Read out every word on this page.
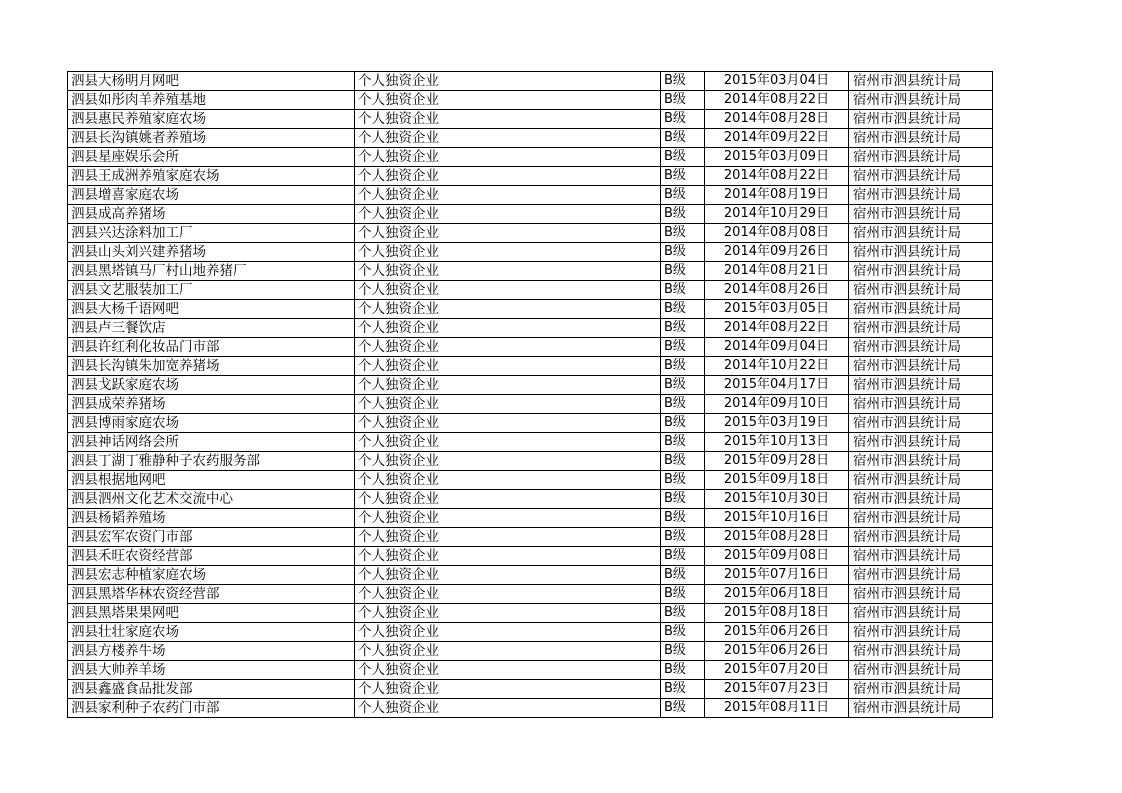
泗县大杨明月网吧	个人独资企业	B级	2015年03月04日	宿州市泗县统计局
泗县如彤肉羊养殖基地	个人独资企业	B级	2014年08月22日	宿州市泗县统计局
泗县惠民养殖家庭农场	个人独资企业	B级	2014年08月28日	宿州市泗县统计局
泗县长沟镇姚者养殖场	个人独资企业	B级	2014年09月22日	宿州市泗县统计局
泗县星座娱乐会所	个人独资企业	B级	2015年03月09日	宿州市泗县统计局
泗县王成洲养殖家庭农场	个人独资企业	B级	2014年08月22日	宿州市泗县统计局
泗县增喜家庭农场	个人独资企业	B级	2014年08月19日	宿州市泗县统计局
泗县成高养猪场	个人独资企业	B级	2014年10月29日	宿州市泗县统计局
泗县兴达涂料加工厂	个人独资企业	B级	2014年08月08日	宿州市泗县统计局
泗县山头刘兴建养猪场	个人独资企业	B级	2014年09月26日	宿州市泗县统计局
泗县黑塔镇马厂村山地养猪厂	个人独资企业	B级	2014年08月21日	宿州市泗县统计局
泗县文艺服装加工厂	个人独资企业	B级	2014年08月26日	宿州市泗县统计局
泗县大杨千语网吧	个人独资企业	B级	2015年03月05日	宿州市泗县统计局
泗县卢三餐饮店	个人独资企业	B级	2014年08月22日	宿州市泗县统计局
泗县许红利化妆品门市部	个人独资企业	B级	2014年09月04日	宿州市泗县统计局
泗县长沟镇朱加宽养猪场	个人独资企业	B级	2014年10月22日	宿州市泗县统计局
泗县戈跃家庭农场	个人独资企业	B级	2015年04月17日	宿州市泗县统计局
泗县成荣养猪场	个人独资企业	B级	2014年09月10日	宿州市泗县统计局
泗县博雨家庭农场	个人独资企业	B级	2015年03月19日	宿州市泗县统计局
泗县神话网络会所	个人独资企业	B级	2015年10月13日	宿州市泗县统计局
泗县丁湖丁雅静种子农药服务部	个人独资企业	B级	2015年09月28日	宿州市泗县统计局
泗县根据地网吧	个人独资企业	B级	2015年09月18日	宿州市泗县统计局
泗县泗州文化艺术交流中心	个人独资企业	B级	2015年10月30日	宿州市泗县统计局
泗县杨韬养殖场	个人独资企业	B级	2015年10月16日	宿州市泗县统计局
泗县宏军农资门市部	个人独资企业	B级	2015年08月28日	宿州市泗县统计局
泗县禾旺农资经营部	个人独资企业	B级	2015年09月08日	宿州市泗县统计局
泗县宏志种植家庭农场	个人独资企业	B级	2015年07月16日	宿州市泗县统计局
泗县黑塔华林农资经营部	个人独资企业	B级	2015年06月18日	宿州市泗县统计局
泗县黑塔果果网吧	个人独资企业	B级	2015年08月18日	宿州市泗县统计局
泗县壮壮家庭农场	个人独资企业	B级	2015年06月26日	宿州市泗县统计局
泗县方楼养牛场	个人独资企业	B级	2015年06月26日	宿州市泗县统计局
泗县大帅养羊场	个人独资企业	B级	2015年07月20日	宿州市泗县统计局
泗县鑫盛食品批发部	个人独资企业	B级	2015年07月23日	宿州市泗县统计局
泗县家利种子农药门市部	个人独资企业	B级	2015年08月11日	宿州市泗县统计局
